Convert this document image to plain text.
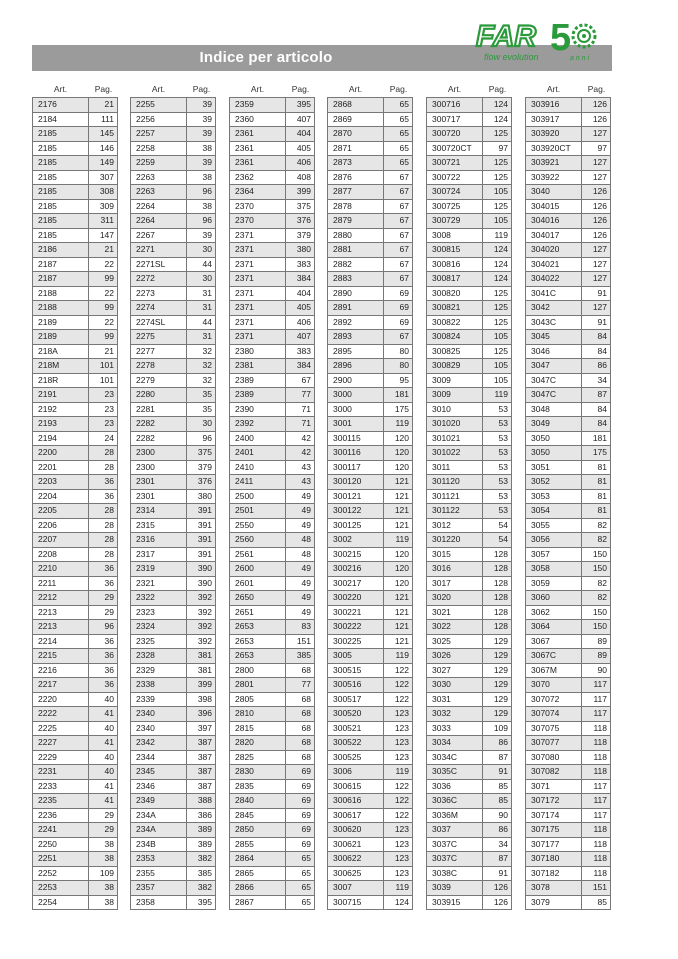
Indice per articolo
FAR 5
flow evolution	a n n i
Art.	Pag.
2176	21
2184	111
2185	145
2185	146
2185	149
2185	307
2185	308
2185	309
2185	311
2185	147
2186	21
2187	22
2187	99
2188	22
2188	99
2189	22
2189	99
218A	21
218M	101
218R	101
2191	23
2192	23
2193	23
2194	24
2200	28
2201	28
2203	36
2204	36
2205	28
2206	28
2207	28
2208	28
2210	36
2211	36
2212	29
2213	29
2213	96
2214	36
2215	36
2216	36
2217	36
2220	40
2222	41
2225	40
2227	41
2229	40
2231	40
2233	41
2235	41
2236	29
2241	29
2250	38
2251	38
2252	109
2253	38
2254	38
Art.	Pag.
2255	39
2256	39
2257	39
2258	38
2259	39
2263	38
2263	96
2264	38
2264	96
2267	39
2271	30
2271SL	44
2272	30
2273	31
2274	31
2274SL	44
2275	31
2277	32
2278	32
2279	32
2280	35
2281	35
2282	30
2282	96
2300	375
2300	379
2301	376
2301	380
2314	391
2315	391
2316	391
2317	391
2319	390
2321	390
2322	392
2323	392
2324	392
2325	392
2328	381
2329	381
2338	399
2339	398
2340	396
2340	397
2342	387
2344	387
2345	387
2346	387
2349	388
234A	386
234A	389
234B	389
2353	382
2355	385
2357	382
2358	395
Art.	Pag.
2359	395
2360	407
2361	404
2361	405
2361	406
2362	408
2364	399
2370	375
2370	376
2371	379
2371	380
2371	383
2371	384
2371	404
2371	405
2371	406
2371	407
2380	383
2381	384
2389	67
2389	77
2390	71
2392	71
2400	42
2401	42
2410	43
2411	43
2500	49
2501	49
2550	49
2560	48
2561	48
2600	49
2601	49
2650	49
2651	49
2653	83
2653	151
2653	385
2800	68
2801	77
2805	68
2810	68
2815	68
2820	68
2825	68
2830	69
2835	69
2840	69
2845	69
2850	69
2855	69
2864	65
2865	65
2866	65
2867	65
Art.	Pag.
2868	65
2869	65
2870	65
2871	65
2873	65
2876	67
2877	67
2878	67
2879	67
2880	67
2881	67
2882	67
2883	67
2890	69
2891	69
2892	69
2893	67
2895	80
2896	80
2900	95
3000	181
3000	175
3001	119
300115	120
300116	120
300117	120
300120	121
300121	121
300122	121
300125	121
3002	119
300215	120
300216	120
300217	120
300220	121
300221	121
300222	121
300225	121
3005	119
300515	122
300516	122
300517	122
300520	123
300521	123
300522	123
300525	123
3006	119
300615	122
300616	122
300617	122
300620	123
300621	123
300622	123
300625	123
3007	119
300715	124
Art.	Pag.
300716	124
300717	124
300720	125
300720CT	97
300721	125
300722	125
300724	105
300725	125
300729	105
3008	119
300815	124
300816	124
300817	124
300820	125
300821	125
300822	125
300824	105
300825	125
300829	105
3009	105
3009	119
3010	53
301020	53
301021	53
301022	53
3011	53
301120	53
301121	53
301122	53
3012	54
301220	54
3015	128
3016	128
3017	128
3020	128
3021	128
3022	128
3025	129
3026	129
3027	129
3030	129
3031	129
3032	129
3033	109
3034	86
3034C	87
3035C	91
3036	85
3036C	85
3036M	90
3037	86
3037C	34
3037C	87
3038C	91
3039	126
303915	126
Art.	Pag.
303916	126
303917	126
303920	127
303920CT	97
303921	127
303922	127
3040	126
304015	126
304016	126
304017	126
304020	127
304021	127
304022	127
3041C	91
3042	127
3043C	91
3045	84
3046	84
3047	86
3047C	34
3047C	87
3048	84
3049	84
3050	181
3050	175
3051	81
3052	81
3053	81
3054	81
3055	82
3056	82
3057	150
3058	150
3059	82
3060	82
3062	150
3064	150
3067	89
3067C	89
3067M	90
3070	117
307072	117
307074	117
307075	118
307077	118
307080	118
307082	118
3071	117
307172	117
307174	117
307175	118
307177	118
307180	118
307182	118
3078	151
3079	85
